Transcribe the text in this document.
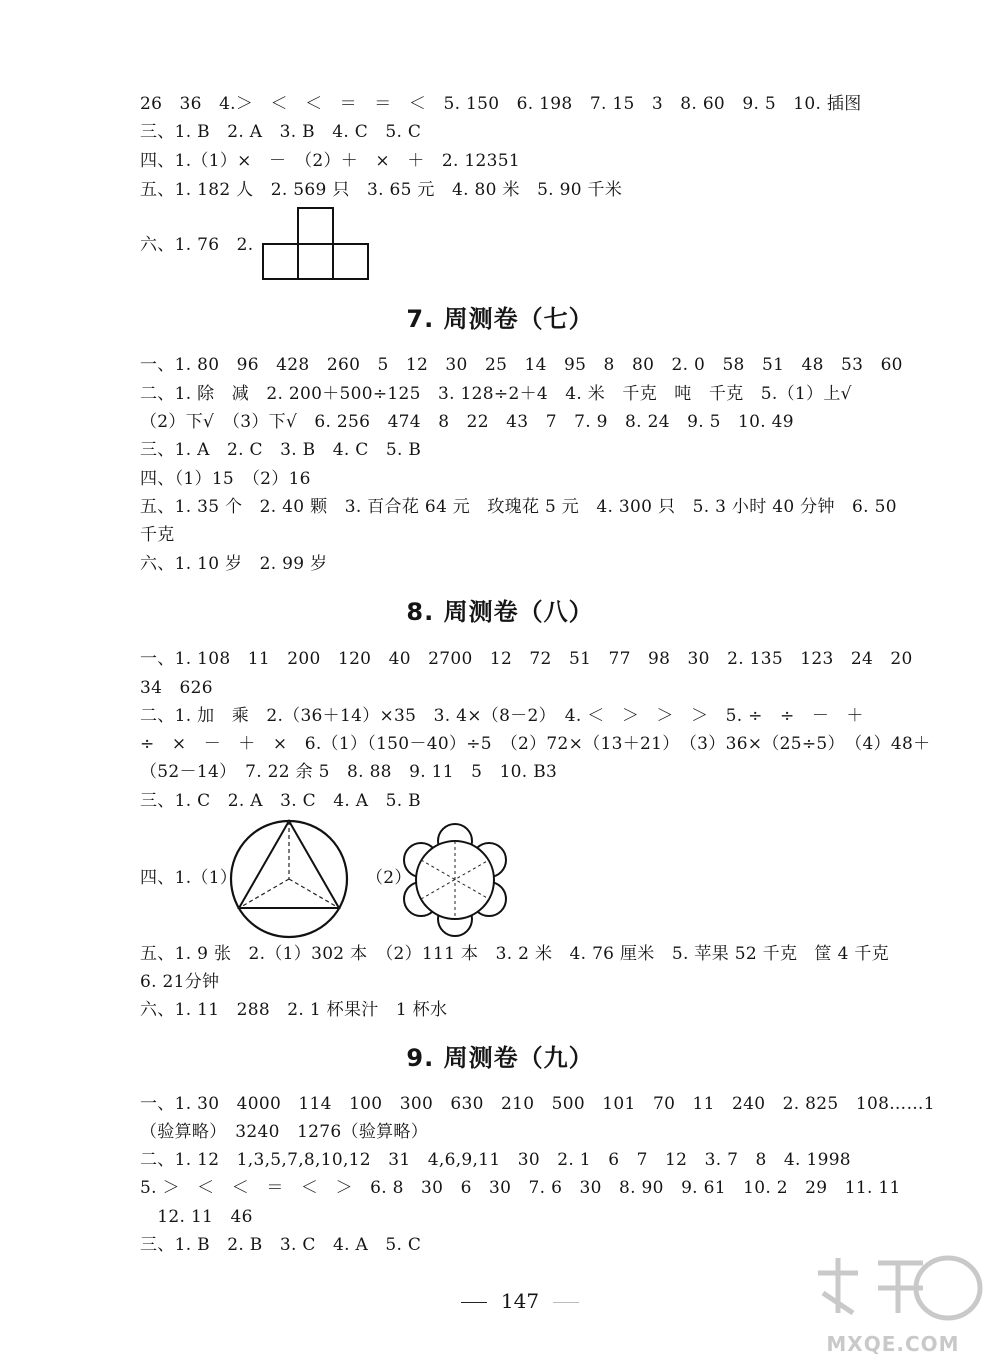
26　36　4.＞　＜　＜　＝　＝　＜　5. 150　6. 198　7. 15　3　8. 60　9. 5　10. 插图
三、1. B　2. A　3. B　4. C　5. C
四、1.（1）×　－　（2）＋　×　＋　2. 12351
五、1. 182 人　2. 569 只　3. 65 元　4. 80 米　5. 90 千米
六、1. 76　2.
7. 周测卷（七）
一、1. 80　96　428　260　5　12　30　25　14　95　8　80　2. 0　58　51　48　53　60
二、1. 除　减　2. 200＋500÷125　3. 128÷2＋4　4. 米　千克　吨　千克　5.（1）上√
（2）下√　（3）下√　6. 256　474　8　22　43　7　7. 9　8. 24　9. 5　10. 49
三、1. A　2. C　3. B　4. C　5. B
四、（1）15　（2）16
五、1. 35 个　2. 40 颗　3. 百合花 64 元　玫瑰花 5 元　4. 300 只　5. 3 小时 40 分钟　6. 50
千克
六、1. 10 岁　2. 99 岁
8. 周测卷（八）
一、1. 108　11　200　120　40　2700　12　72　51　77　98　30　2. 135　123　24　20
34　626
二、1. 加　乘　2.（36＋14）×35　3. 4×（8－2）　4. ＜　＞　＞　＞　5. ÷　÷　－　＋
÷　×　－　＋　×　6.（1）（150－40）÷5　（2）72×（13＋21）　（3）36×（25÷5）　（4）48＋
（52－14）　7. 22 余 5　8. 88　9. 11　5　10. B3
三、1. C　2. A　3. C　4. A　5. B
四、1.（1）	（2）
五、1. 9 张　2.（1）302 本　（2）111 本　3. 2 米　4. 76 厘米　5. 苹果 52 千克　筐 4 千克
6. 21分钟
六、1. 11　288　2. 1 杯果汁　1 杯水
9. 周测卷（九）
一、1. 30　4000　114　100　300　630　210　500　101　70　11　240　2. 825　108……1
（验算略）　3240　1276（验算略）
二、1. 12　1,3,5,7,8,10,12　31　4,6,9,11　30　2. 1　6　7　12　3. 7　8　4. 1998
5. ＞　＜　＜　＝　＜　＞　6. 8　30　6　30　7. 6　30　8. 90　9. 61　10. 2　29　11. 11
　12. 11　46
三、1. B　2. B　3. C　4. A　5. C
147
MXQE.COM
